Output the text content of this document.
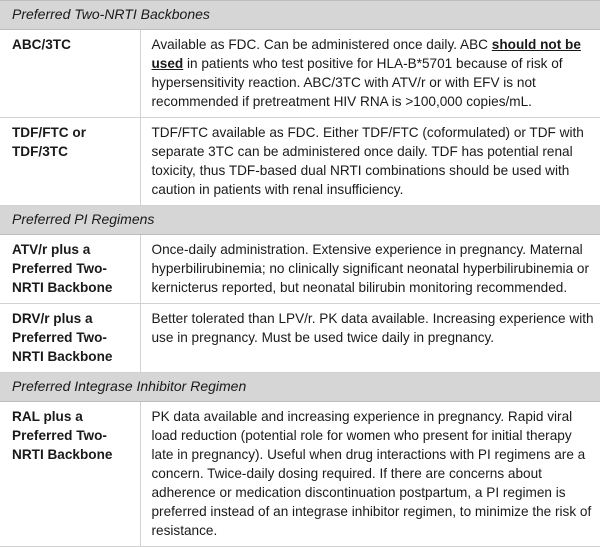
Preferred Two-NRTI Backbones	
ABC/3TC	Available as FDC. Can be administered once daily. ABC should not be used in patients who test positive for HLA-B*5701 because of risk of hypersensitivity reaction. ABC/3TC with ATV/r or with EFV is not recommended if pretreatment HIV RNA is >100,000 copies/mL.
TDF/FTC or TDF/3TC	TDF/FTC available as FDC. Either TDF/FTC (coformulated) or TDF with separate 3TC can be administered once daily. TDF has potential renal toxicity, thus TDF-based dual NRTI combinations should be used with caution in patients with renal insufficiency.
Preferred PI Regimens	
ATV/r plus a Preferred Two-NRTI Backbone	Once-daily administration. Extensive experience in pregnancy. Maternal hyperbilirubinemia; no clinically significant neonatal hyperbilirubinemia or kernicterus reported, but neonatal bilirubin monitoring recommended.
DRV/r plus a Preferred Two-NRTI Backbone	Better tolerated than LPV/r. PK data available. Increasing experience with use in pregnancy. Must be used twice daily in pregnancy.
Preferred Integrase Inhibitor Regimen	
RAL plus a Preferred Two-NRTI Backbone	PK data available and increasing experience in pregnancy. Rapid viral load reduction (potential role for women who present for initial therapy late in pregnancy). Useful when drug interactions with PI regimens are a concern. Twice-daily dosing required. If there are concerns about adherence or medication discontinuation postpartum, a PI regimen is preferred instead of an integrase inhibitor regimen, to minimize the risk of resistance.
